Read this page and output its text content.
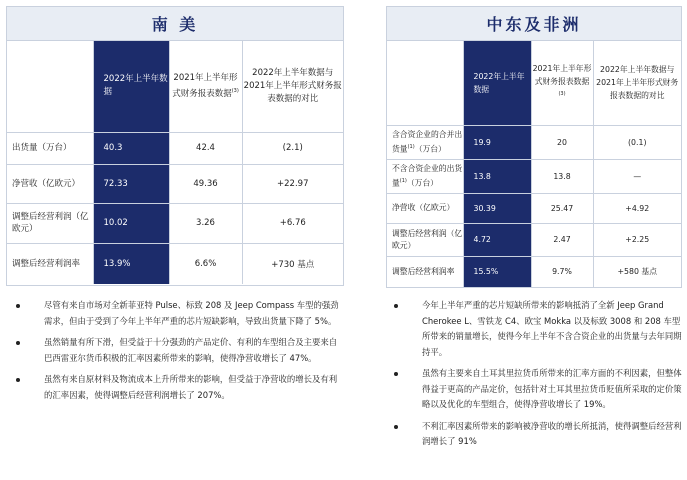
南 美
	2022年上半年数据	2021年上半年形式财务报表数据$^{(3)}$	2022年上半年数据与2021年上半年形式财务报表数据的对比
出货量（万台）	40.3	42.4	(2.1)
净营收（亿欧元）	72.33	49.36	+22.97
调整后经营利润（亿欧元）	10.02	3.26	+6.76
调整后经营利润率	13.9%	6.6%	+730 基点
中东及非洲
	2022年上半年数据	2021年上半年形式财务报表数据$^{(3)}$	2022年上半年数据与2021年上半年形式财务报表数据的对比
含合资企业的合并出货量$^{(1)}$（万台）	19.9	20	(0.1)
不含合资企业的出货量$^{(1)}$（万台）	13.8	13.8	—
净营收（亿欧元）	30.39	25.47	+4.92
调整后经营利润（亿欧元）	4.72	2.47	+2.25
调整后经营利润率	15.5%	9.7%	+580 基点
尽管有来自市场对全新菲亚特 Pulse、标致 208 及 Jeep Compass 车型的强劲需求，但由于受到了今年上半年严重的芯片短缺影响，导致出货量下降了 5%。
虽然销量有所下滑，但受益于十分强劲的产品定价、有利的车型组合及主要来自巴西雷亚尔货币积极的汇率因素所带来的影响，使得净营收增长了 47%。
虽然有来自原材料及物流成本上升所带来的影响，但受益于净营收的增长及有利的汇率因素，使得调整后经营利润增长了 207%。
今年上半年严重的芯片短缺所带来的影响抵消了全新 Jeep Grand Cherokee L、雪铁龙 C4、欧宝 Mokka 以及标致 3008 和 208 车型所带来的销量增长，使得今年上半年不含合资企业的出货量与去年同期持平。
虽然有主要来自土耳其里拉货币所带来的汇率方面的不利因素，但整体得益于更高的产品定价，包括针对土耳其里拉货币贬值所采取的定价策略以及优化的车型组合，使得净营收增长了 19%。
不利汇率因素所带来的影响被净营收的增长所抵消，使得调整后经营利润增长了 91%
